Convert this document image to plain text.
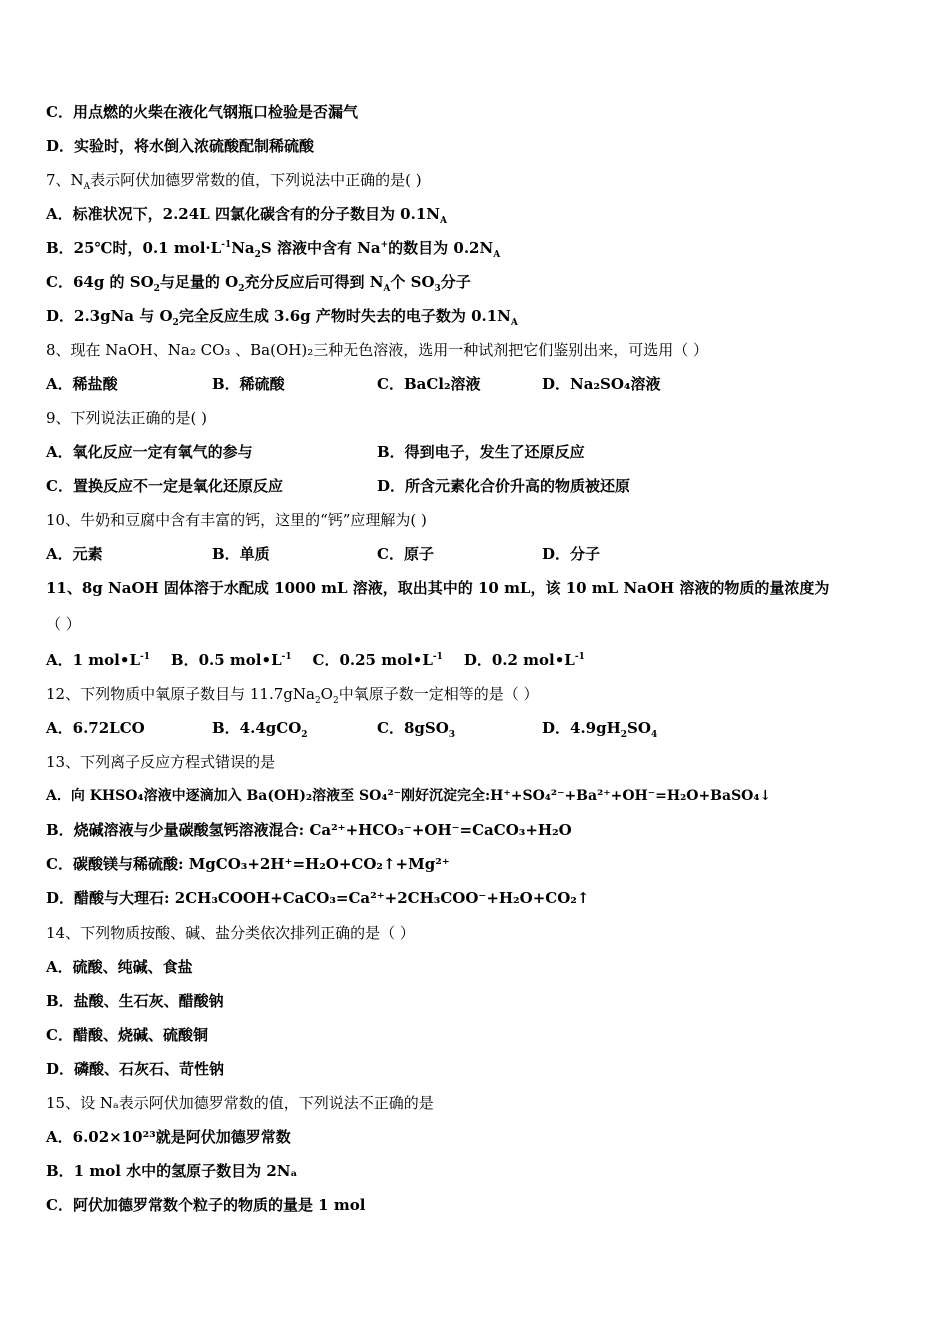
C．用点燃的火柴在液化气钢瓶口检验是否漏气
D．实验时，将水倒入浓硫酸配制稀硫酸
7、$N_A$表示阿伏加德罗常数的值，下列说法中正确的是( )
A．标准状况下，2.24L 四氯化碳含有的分子数目为 $0.1N_A$
B．25℃时，0.1 $mol\cdot L^{-1}Na_2S$ 溶液中含有 Na+的数目为 $0.2N_A$
C．64g 的 $SO_2$与足量的 $O_2$充分反应后可得到 $N_A$个 $SO_3$分子
D．2.3gNa 与 $O_2$完全反应生成 3.6g 产物时失去的电子数为 $0.1N_A$
8、现在 NaOH、Na₂ CO₃ 、Ba(OH)₂三种无色溶液，选用一种试剂把它们鉴别出来，可选用（ ）
A．稀盐酸	B．稀硫酸	C．BaCl₂溶液	D．Na₂SO₄溶液
9、下列说法正确的是( )
A．氧化反应一定有氧气的参与	B．得到电子，发生了还原反应
C．置换反应不一定是氧化还原反应	D．所含元素化合价升高的物质被还原
10、牛奶和豆腐中含有丰富的钙，这里的“钙”应理解为( )
A．元素	B．单质	C．原子	D．分子
11、8g NaOH 固体溶于水配成 1000 mL 溶液，取出其中的 10 mL，该 10 mL NaOH 溶液的物质的量浓度为
（ ）
A．1 $mol•L^{-1}$ B．0.5 $mol•L^{-1}$ C．0.25 $mol•L^{-1}$ D．0.2 $mol•L^{-1}$
12、下列物质中氧原子数目与 $11.7gNa_2O_2$中氧原子数一定相等的是（ ）
A．6.72LCO	B．4.4gCO$_2$	C．8gSO$_3$	D．$4.9gH_2SO_4$
13、下列离子反应方程式错误的是
A．向 KHSO₄溶液中逐滴加入 Ba(OH)₂溶液至 SO₄²⁻刚好沉淀完全:H⁺+SO₄²⁻+Ba²⁺+OH⁻=H₂O+BaSO₄↓
B．烧碱溶液与少量碳酸氢钙溶液混合: Ca²⁺+HCO₃⁻+OH⁻=CaCO₃+H₂O
C．碳酸镁与稀硫酸: MgCO₃+2H⁺=H₂O+CO₂↑+Mg²⁺
D．醋酸与大理石: 2CH₃COOH+CaCO₃=Ca²⁺+2CH₃COO⁻+H₂O+CO₂↑
14、下列物质按酸、碱、盐分类依次排列正确的是（ ）
A．硫酸、纯碱、食盐
B．盐酸、生石灰、醋酸钠
C．醋酸、烧碱、硫酸铜
D．磷酸、石灰石、苛性钠
15、设 Nₐ表示阿伏加德罗常数的值，下列说法不正确的是
A．6.02×10²³就是阿伏加德罗常数
B．1 mol 水中的氢原子数目为 2Nₐ
C．阿伏加德罗常数个粒子的物质的量是 1 mol
